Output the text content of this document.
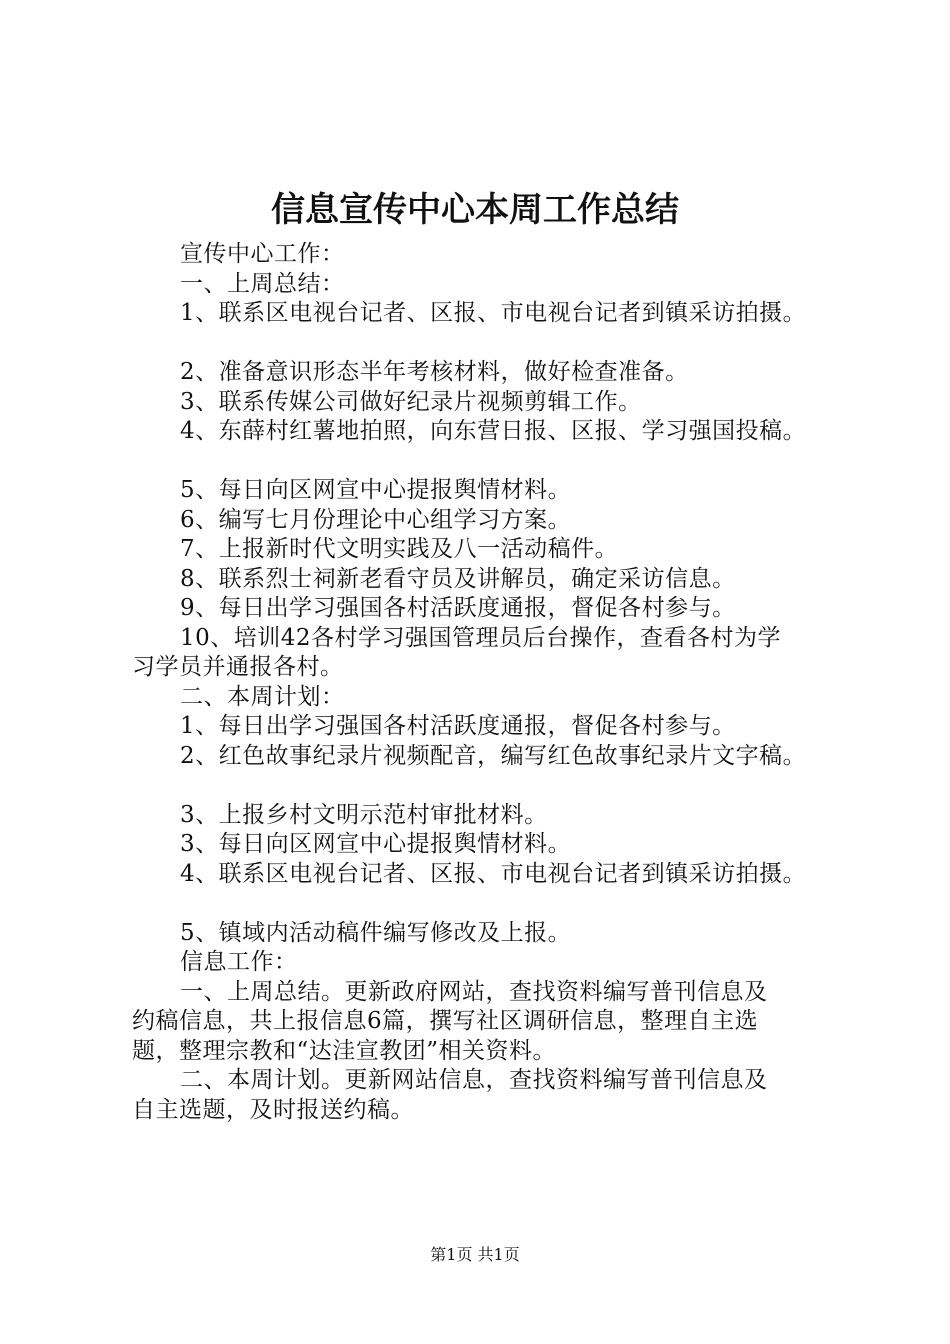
信息宣传中心本周工作总结
宣传中心工作：
一、上周总结：
1、联系区电视台记者、区报、市电视台记者到镇采访拍摄。
2、准备意识形态半年考核材料，做好检查准备。
3、联系传媒公司做好纪录片视频剪辑工作。
4、东薛村红薯地拍照，向东营日报、区报、学习强国投稿。
5、每日向区网宣中心提报舆情材料。
6、编写七月份理论中心组学习方案。
7、上报新时代文明实践及八一活动稿件。
8、联系烈士祠新老看守员及讲解员，确定采访信息。
9、每日出学习强国各村活跃度通报，督促各村参与。
10、培训42各村学习强国管理员后台操作，查看各村为学
习学员并通报各村。
二、本周计划：
1、每日出学习强国各村活跃度通报，督促各村参与。
2、红色故事纪录片视频配音，编写红色故事纪录片文字稿。
3、上报乡村文明示范村审批材料。
3、每日向区网宣中心提报舆情材料。
4、联系区电视台记者、区报、市电视台记者到镇采访拍摄。
5、镇域内活动稿件编写修改及上报。
信息工作：
一、上周总结。更新政府网站，查找资料编写普刊信息及
约稿信息，共上报信息6篇，撰写社区调研信息，整理自主选
题，整理宗教和“达洼宣教团”相关资料。
二、本周计划。更新网站信息，查找资料编写普刊信息及
自主选题，及时报送约稿。
第1页 共1页
